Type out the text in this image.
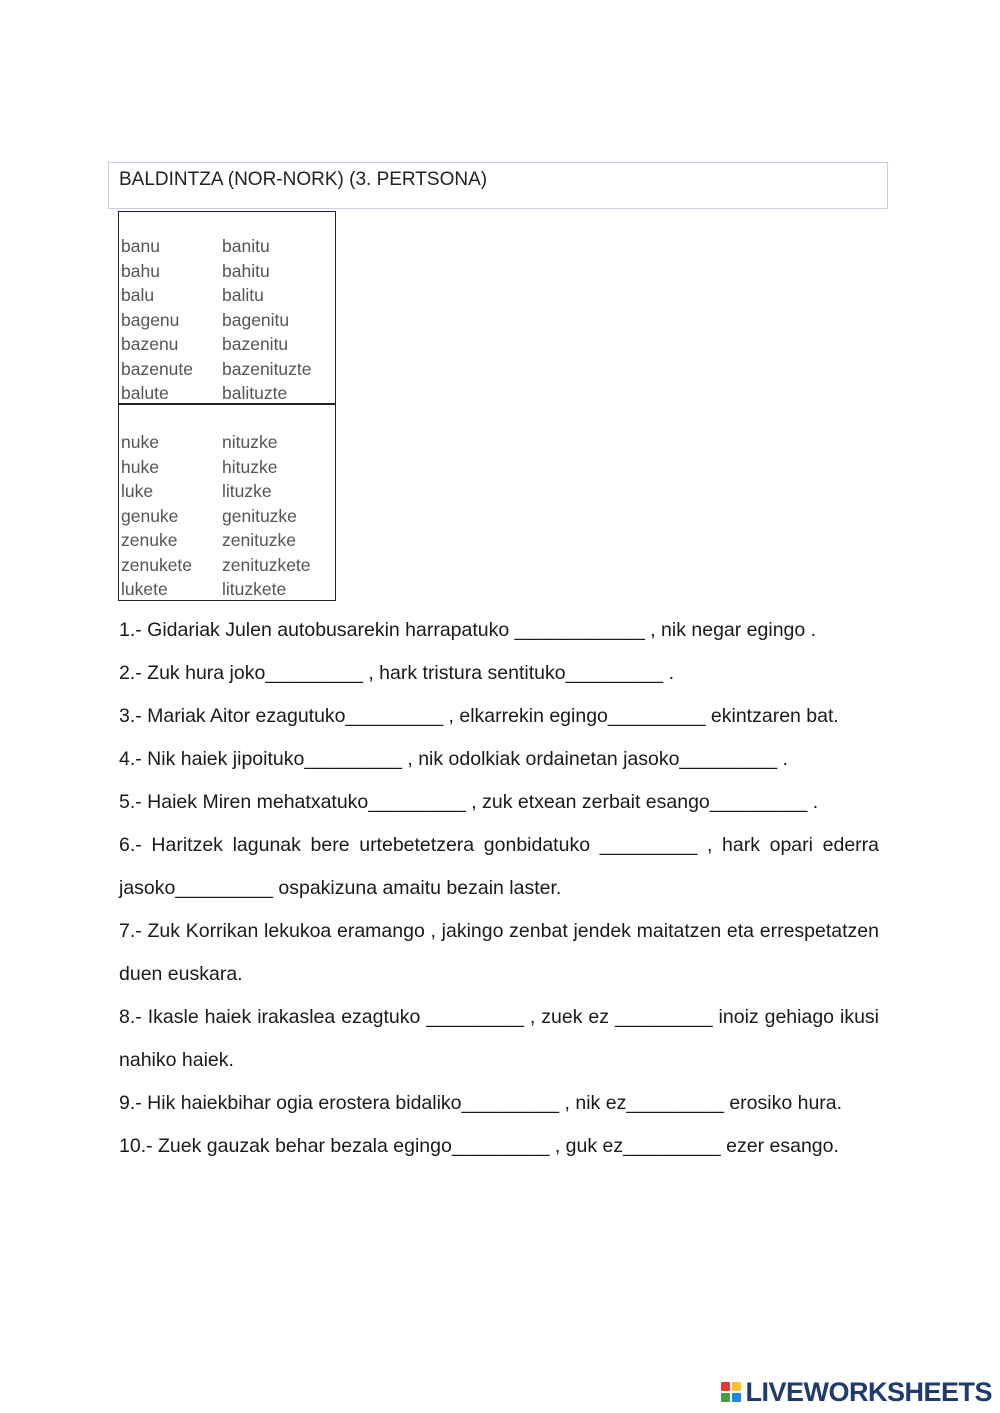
BALDINTZA (NOR-NORK) (3. PERTSONA)
banu	banitu
bahu	bahitu
balu	balitu
bagenu bagenitu
bazenu bazenitu
bazenute bazenituzte
balute	balituzte
nuke	nituzke
huke	hituzke
luke	lituzke
genuke genituzke
zenuke	zenituzke
zenukete zenituzkete
lukete	lituzkete
1.- Gidariak Julen autobusarekin harrapatuko ____________ , nik negar egingo .
2.- Zuk hura joko_________ , hark tristura sentituko_________ .
3.- Mariak Aitor ezagutuko_________ , elkarrekin egingo_________ ekintzaren bat.
4.- Nik haiek jipoituko_________ , nik odolkiak ordainetan jasoko_________ .
5.- Haiek Miren mehatxatuko_________ , zuk etxean zerbait esango_________ .
6.- Haritzek lagunak bere urtebetetzera gonbidatuko _________ , hark opari ederra jasoko_________ ospakizuna amaitu bezain laster.
7.- Zuk Korrikan lekukoa eramango , jakingo zenbat jendek maitatzen eta errespetatzen duen euskara.
8.- Ikasle haiek irakaslea ezagtuko _________ , zuek ez _________ inoiz gehiago ikusi nahiko haiek.
9.- Hik haiekbihar ogia erostera bidaliko_________ , nik ez_________ erosiko hura.
10.- Zuek gauzak behar bezala egingo_________ , guk ez_________ ezer esango.
LIVEWORKSHEETS
